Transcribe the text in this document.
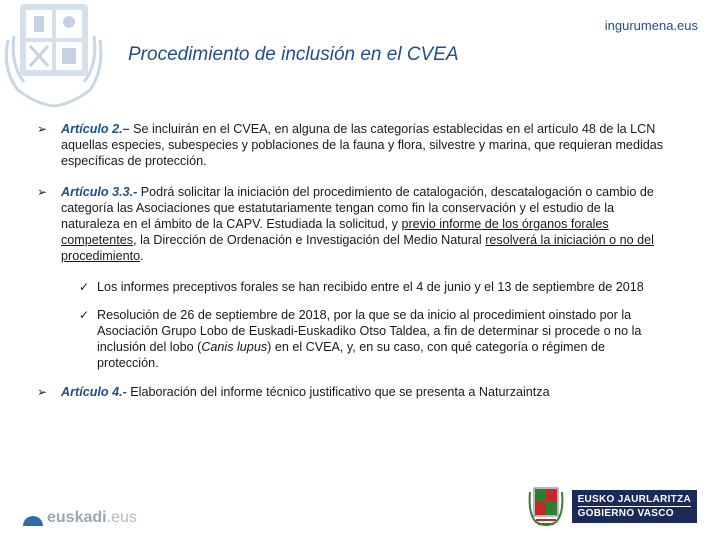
ingurumena.eus
Procedimiento de inclusión en el CVEA
➢ Artículo 2.– Se incluirán en el CVEA, en alguna de las categorías establecidas en el artículo 48 de la LCN aquellas especies, subespecies y poblaciones de la fauna y flora, silvestre y marina, que requieran medidas específicas de protección.
➢ Artículo 3.3.- Podrá solicitar la iniciación del procedimiento de catalogación, descatalogación o cambio de categoría las Asociaciones que estatutariamente tengan como fin la conservación y el estudio de la naturaleza en el ámbito de la CAPV. Estudiada la solicitud, y previo informe de los órganos forales competentes, la Dirección de Ordenación e Investigación del Medio Natural resolverá la iniciación o no del procedimiento.
✓ Los informes preceptivos forales se han recibido entre el 4 de junio y el 13 de septiembre de 2018
✓ Resolución de 26 de septiembre de 2018, por la que se da inicio al procedimient oinstado por la Asociación Grupo Lobo de Euskadi-Euskadiko Otso Taldea, a fin de determinar si procede o no la inclusión del lobo (Canis lupus) en el CVEA, y, en su caso, con qué categoría o régimen de protección.
➢ Artículo 4.- Elaboración del informe técnico justificativo que se presenta a Naturzaintza
euskadi .eus
EUSKO JAURLARITZA
GOBIERNO VASCO
